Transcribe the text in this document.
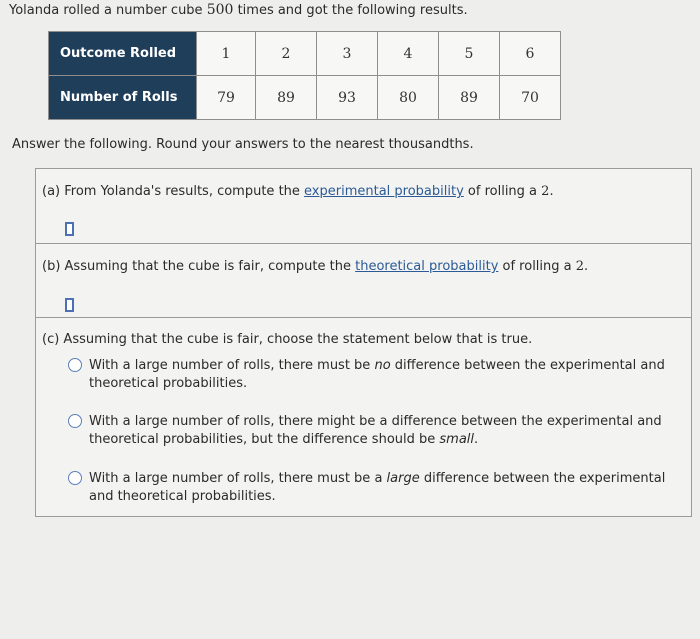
Yolanda rolled a number cube 500 times and got the following results.
Outcome Rolled	1	2	3	4	5	6
Number of Rolls	79	89	93	80	89	70
Answer the following. Round your answers to the nearest thousandths.
(a) From Yolanda's results, compute the experimental probability of rolling a 2.
(b) Assuming that the cube is fair, compute the theoretical probability of rolling a 2.
(c) Assuming that the cube is fair, choose the statement below that is true.
With a large number of rolls, there must be no difference between the experimental and theoretical probabilities.
With a large number of rolls, there might be a difference between the experimental and theoretical probabilities, but the difference should be small.
With a large number of rolls, there must be a large difference between the experimental and theoretical probabilities.
